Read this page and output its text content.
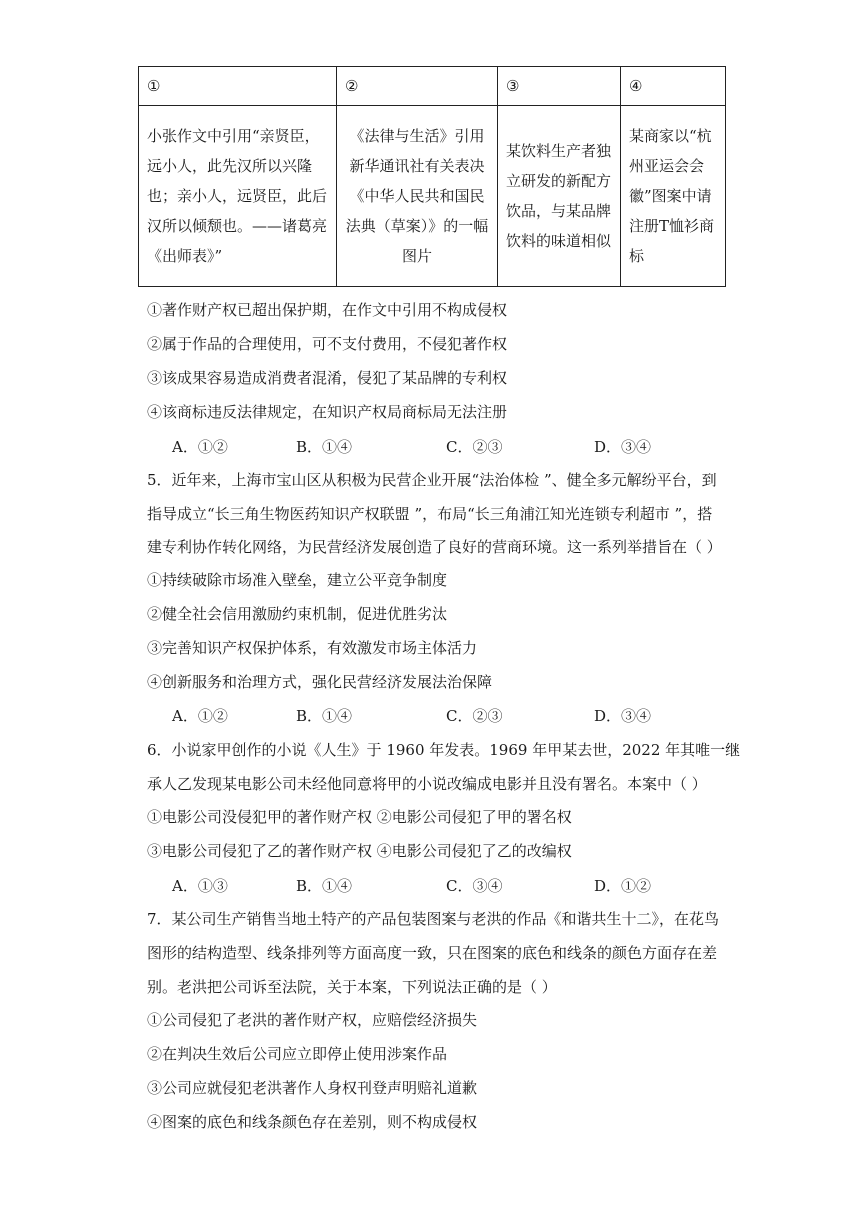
①	②	③	④
小张作文中引用“亲贤臣，远小人，此先汉所以兴隆也；亲小人，远贤臣，此后汉所以倾颓也。——诸葛亮《出师表》”	《法律与生活》引用新华通讯社有关表决《中华人民共和国民法典（草案）》的一幅图片	某饮料生产者独立研发的新配方饮品，与某品牌饮料的味道相似	某商家以“杭州亚运会会徽”图案中请注册T恤衫商标
①著作财产权已超出保护期，在作文中引用不构成侵权
②属于作品的合理使用，可不支付费用，不侵犯著作权
③该成果容易造成消费者混淆，侵犯了某品牌的专利权
④该商标违反法律规定，在知识产权局商标局无法注册
A．①②	B．①④	C．②③	D．③④
5．近年来，上海市宝山区从积极为民营企业开展“法治体检 ”、健全多元解纷平台，到
指导成立“长三角生物医药知识产权联盟 ”，布局“长三角浦江知光连锁专利超市 ”，搭
建专利协作转化网络，为民营经济发展创造了良好的营商环境。这一系列举措旨在（ ）
①持续破除市场准入壁垒，建立公平竞争制度
②健全社会信用激励约束机制，促进优胜劣汰
③完善知识产权保护体系，有效激发市场主体活力
④创新服务和治理方式，强化民营经济发展法治保障
A．①②	B．①④	C．②③	D．③④
6．小说家甲创作的小说《人生》于 1960 年发表。1969 年甲某去世，2022 年其唯一继
承人乙发现某电影公司未经他同意将甲的小说改编成电影并且没有署名。本案中（ ）
①电影公司没侵犯甲的著作财产权 ②电影公司侵犯了甲的署名权
③电影公司侵犯了乙的著作财产权 ④电影公司侵犯了乙的改编权
A．①③	B．①④	C．③④	D．①②
7．某公司生产销售当地土特产的产品包装图案与老洪的作品《和谐共生十二》，在花鸟
图形的结构造型、线条排列等方面高度一致，只在图案的底色和线条的颜色方面存在差
别。老洪把公司诉至法院，关于本案，下列说法正确的是（ ）
①公司侵犯了老洪的著作财产权，应赔偿经济损失
②在判决生效后公司应立即停止使用涉案作品
③公司应就侵犯老洪著作人身权刊登声明赔礼道歉
④图案的底色和线条颜色存在差别，则不构成侵权
